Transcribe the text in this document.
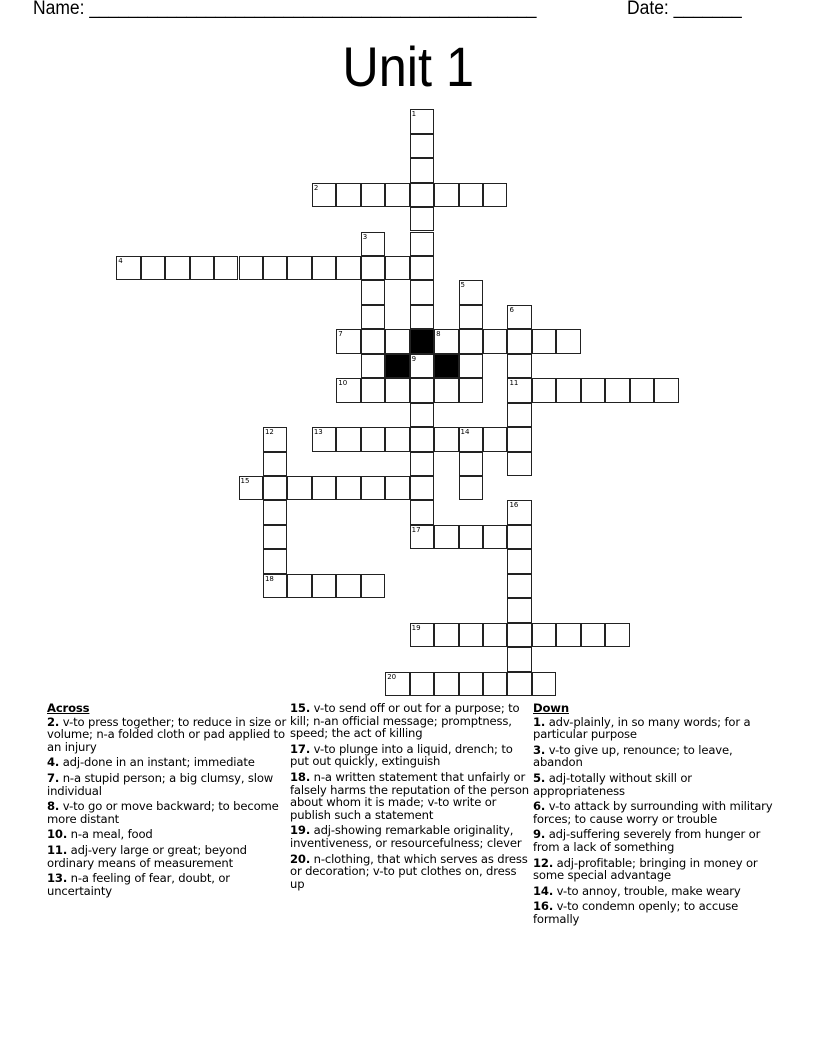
Name: ______________________________________________	Date: _______
Unit 1
1
2
3
4
5
6
11
7	8
9
17
10
12
18
13	14
15
16
19
20
Across
2. v-to press together; to reduce in size or volume; n-a folded cloth or pad applied to an injury
4. adj-done in an instant; immediate
7. n-a stupid person; a big clumsy, slow individual
8. v-to go or move backward; to become more distant
10. n-a meal, food
11. adj-very large or great; beyond ordinary means of measurement
13. n-a feeling of fear, doubt, or uncertainty
15. v-to send off or out for a purpose; to kill; n-an official message; promptness, speed; the act of killing
17. v-to plunge into a liquid, drench; to put out quickly, extinguish
18. n-a written statement that unfairly or falsely harms the reputation of the person about whom it is made; v-to write or publish such a statement
19. adj-showing remarkable originality, inventiveness, or resourcefulness; clever
20. n-clothing, that which serves as dress or decoration; v-to put clothes on, dress up
Down
1. adv-plainly, in so many words; for a particular purpose
3. v-to give up, renounce; to leave, abandon
5. adj-totally without skill or appropriateness
6. v-to attack by surrounding with military forces; to cause worry or trouble
9. adj-suffering severely from hunger or from a lack of something
12. adj-profitable; bringing in money or some special advantage
14. v-to annoy, trouble, make weary
16. v-to condemn openly; to accuse formally
